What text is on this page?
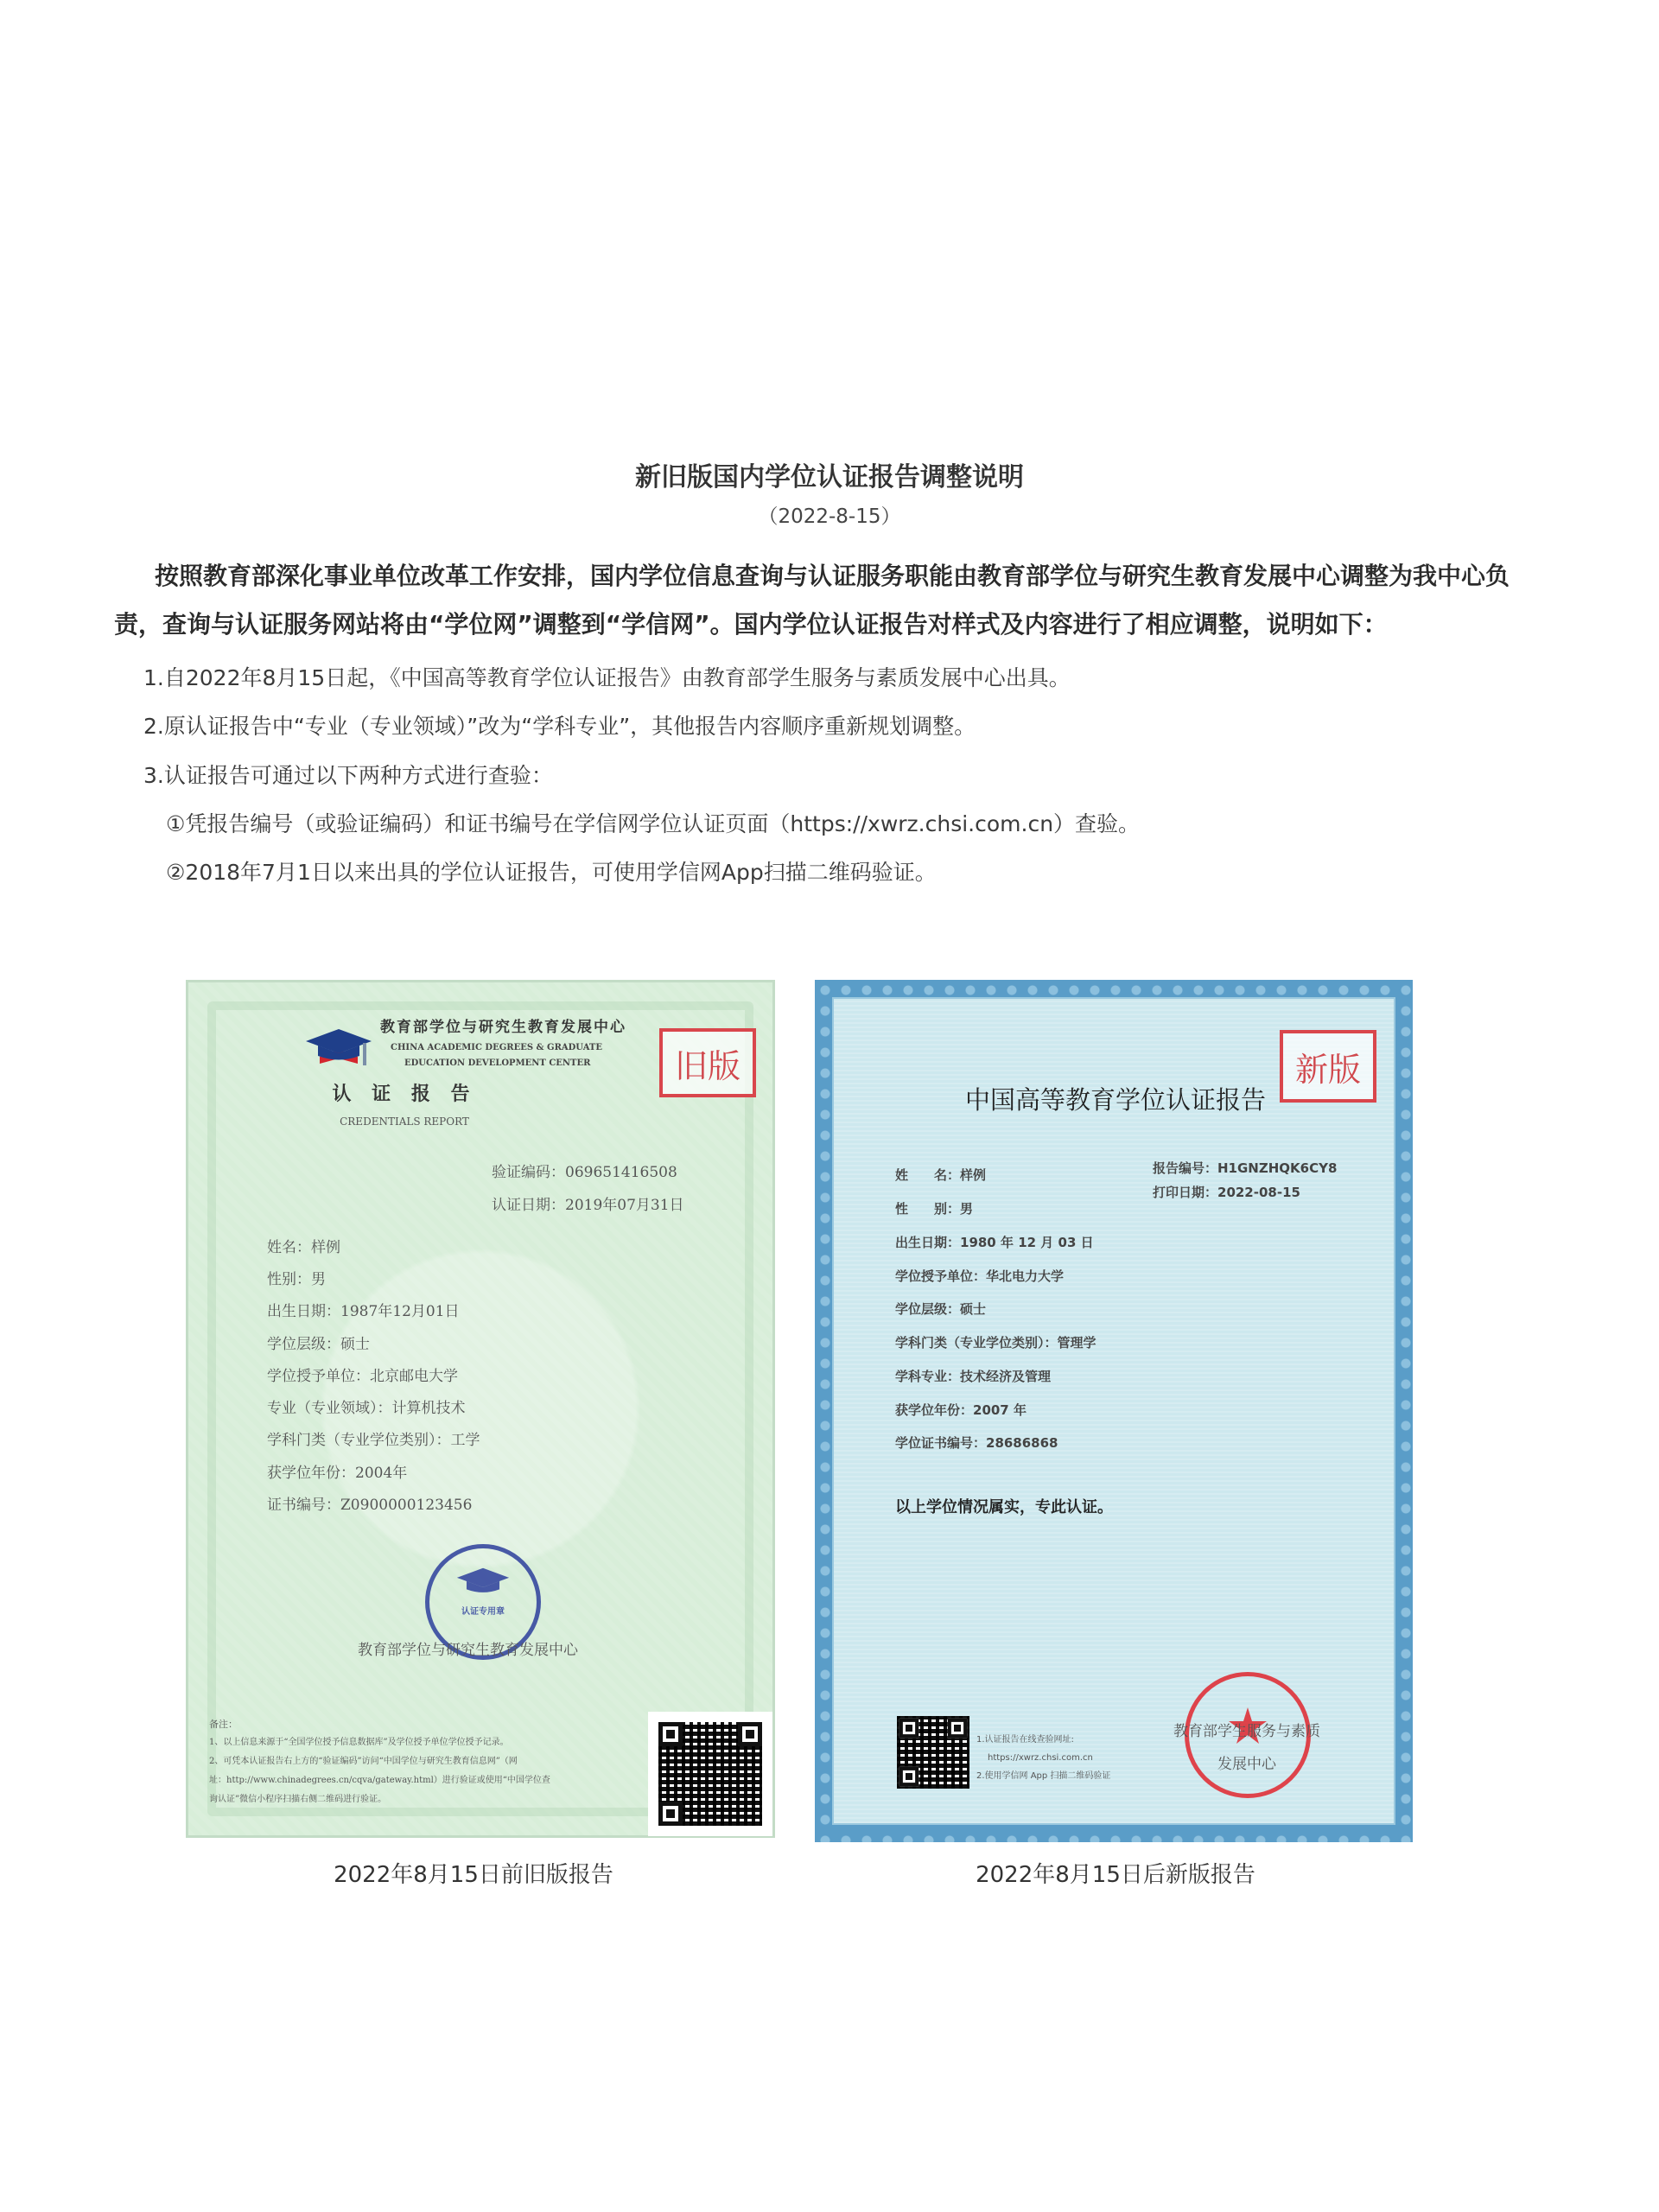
新旧版国内学位认证报告调整说明
（2022-8-15）
按照教育部深化事业单位改革工作安排，国内学位信息查询与认证服务职能由教育部学位与研究生教育发展中心调整为我中心负
责，查询与认证服务网站将由“学位网”调整到“学信网”。国内学位认证报告对样式及内容进行了相应调整，说明如下：
1.自2022年8月15日起，《中国高等教育学位认证报告》由教育部学生服务与素质发展中心出具。
2.原认证报告中“专业（专业领域）”改为“学科专业”，其他报告内容顺序重新规划调整。
3.认证报告可通过以下两种方式进行查验：
①凭报告编号（或验证编码）和证书编号在学信网学位认证页面（https://xwrz.chsi.com.cn）查验。
②2018年7月1日以来出具的学位认证报告，可使用学信网App扫描二维码验证。
教育部学位与研究生教育发展中心
CHINA ACADEMIC DEGREES & GRADUATE
EDUCATION DEVELOPMENT CENTER	旧版
认 证 报 告
CREDENTIALS REPORT
验证编码：069651416508
认证日期：2019年07月31日
姓名：样例
性别：男
出生日期：1987年12月01日
学位层级：硕士
学位授予单位：北京邮电大学
专业（专业领域）：计算机技术
学科门类（专业学位类别）：工学
获学位年份：2004年
证书编号：Z0900000123456
认证专用章
教育部学位与研究生教育发展中心
备注：
1、以上信息来源于“全国学位授予信息数据库”及学位授予单位学位授予记录。
2、可凭本认证报告右上方的“验证编码”访问“中国学位与研究生教育信息网”（网
址：http://www.chinadegrees.cn/cqva/gateway.html）进行验证或使用“中国学位查
询认证”微信小程序扫描右侧二维码进行验证。
新版
中国高等教育学位认证报告
报告编号：H1GNZHQK6CY8
打印日期：2022-08-15
姓　　名：样例
性　　别：男
出生日期：1980 年 12 月 03 日
学位授予单位：华北电力大学
学位层级：硕士
学科门类（专业学位类别）：管理学
学科专业：技术经济及管理
获学位年份：2007 年
学位证书编号：28686868
以上学位情况属实，专此认证。
1.认证报告在线查验网址:
https://xwrz.chsi.com.cn
2.使用学信网 App 扫描二维码验证
教育部学生服务与素质
发展中心
2022年8月15日前旧版报告	2022年8月15日后新版报告
